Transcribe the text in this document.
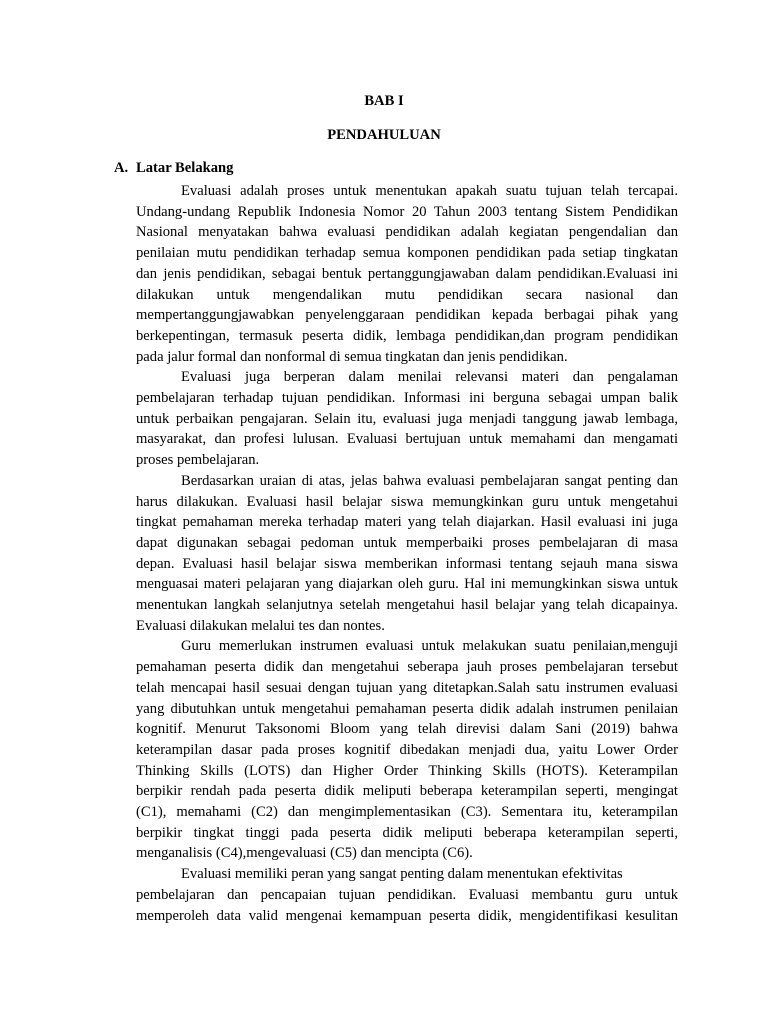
BAB I
PENDAHULUAN
A. Latar Belakang
Evaluasi adalah proses untuk menentukan apakah suatu tujuan telah tercapai.
Undang-undang Republik Indonesia Nomor 20 Tahun 2003 tentang Sistem Pendidikan
Nasional menyatakan bahwa evaluasi pendidikan adalah kegiatan pengendalian dan
penilaian mutu pendidikan terhadap semua komponen pendidikan pada setiap tingkatan
dan jenis pendidikan, sebagai bentuk pertanggungjawaban dalam pendidikan.Evaluasi ini
dilakukan untuk mengendalikan mutu pendidikan secara nasional dan
mempertanggungjawabkan penyelenggaraan pendidikan kepada berbagai pihak yang
berkepentingan, termasuk peserta didik, lembaga pendidikan,dan program pendidikan
pada jalur formal dan nonformal di semua tingkatan dan jenis pendidikan.
Evaluasi juga berperan dalam menilai relevansi materi dan pengalaman
pembelajaran terhadap tujuan pendidikan. Informasi ini berguna sebagai umpan balik
untuk perbaikan pengajaran. Selain itu, evaluasi juga menjadi tanggung jawab lembaga,
masyarakat, dan profesi lulusan. Evaluasi bertujuan untuk memahami dan mengamati
proses pembelajaran.
Berdasarkan uraian di atas, jelas bahwa evaluasi pembelajaran sangat penting dan
harus dilakukan. Evaluasi hasil belajar siswa memungkinkan guru untuk mengetahui
tingkat pemahaman mereka terhadap materi yang telah diajarkan. Hasil evaluasi ini juga
dapat digunakan sebagai pedoman untuk memperbaiki proses pembelajaran di masa
depan. Evaluasi hasil belajar siswa memberikan informasi tentang sejauh mana siswa
menguasai materi pelajaran yang diajarkan oleh guru. Hal ini memungkinkan siswa untuk
menentukan langkah selanjutnya setelah mengetahui hasil belajar yang telah dicapainya.
Evaluasi dilakukan melalui tes dan nontes.
Guru memerlukan instrumen evaluasi untuk melakukan suatu penilaian,menguji
pemahaman peserta didik dan mengetahui seberapa jauh proses pembelajaran tersebut
telah mencapai hasil sesuai dengan tujuan yang ditetapkan.Salah satu instrumen evaluasi
yang dibutuhkan untuk mengetahui pemahaman peserta didik adalah instrumen penilaian
kognitif. Menurut Taksonomi Bloom yang telah direvisi dalam Sani (2019) bahwa
keterampilan dasar pada proses kognitif dibedakan menjadi dua, yaitu Lower Order
Thinking Skills (LOTS) dan Higher Order Thinking Skills (HOTS). Keterampilan
berpikir rendah pada peserta didik meliputi beberapa keterampilan seperti, mengingat
(C1), memahami (C2) dan mengimplementasikan (C3). Sementara itu, keterampilan
berpikir tingkat tinggi pada peserta didik meliputi beberapa keterampilan seperti,
menganalisis (C4),mengevaluasi (C5) dan mencipta (C6).
Evaluasi memiliki peran yang sangat penting dalam menentukan efektivitas
pembelajaran dan pencapaian tujuan pendidikan. Evaluasi membantu guru untuk
memperoleh data valid mengenai kemampuan peserta didik, mengidentifikasi kesulitan
